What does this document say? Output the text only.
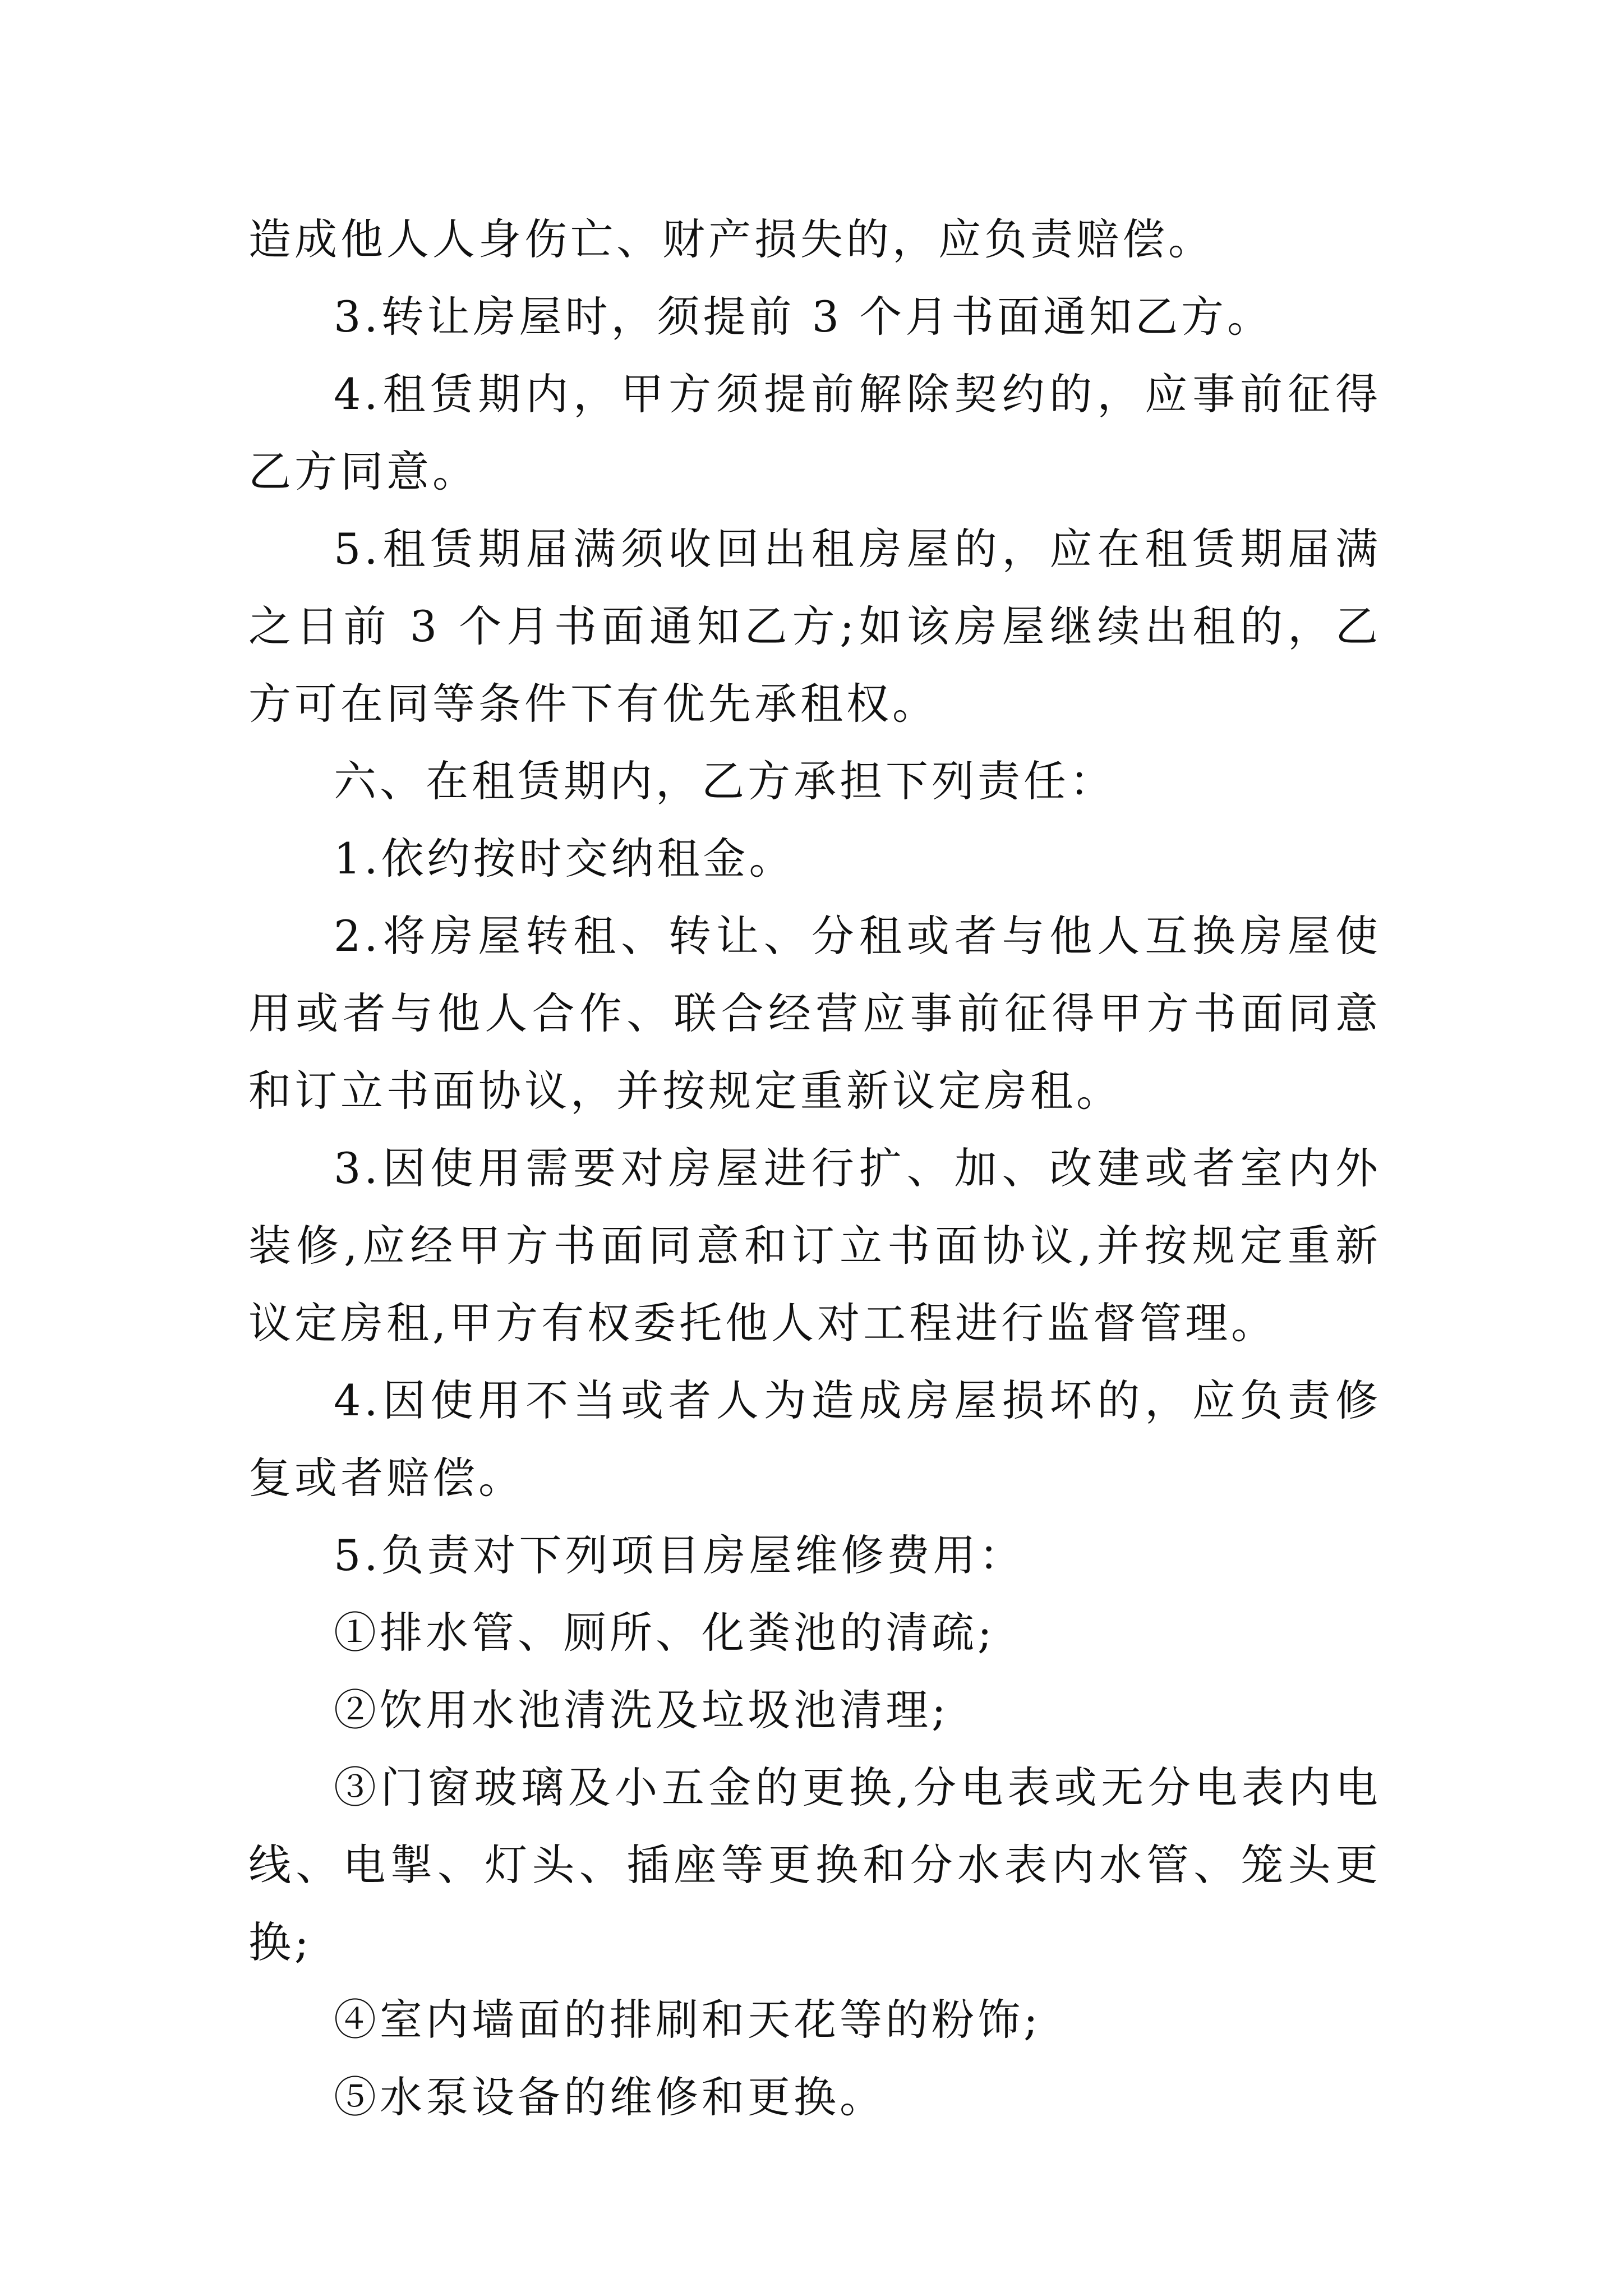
造成他人人身伤亡、财产损失的，应负责赔偿。

3.转让房屋时，须提前 3 个月书面通知乙方。

4.租赁期内，甲方须提前解除契约的，应事前征得乙方同意。

5.租赁期届满须收回出租房屋的，应在租赁期届满之日前 3 个月书面通知乙方;如该房屋继续出租的，乙方可在同等条件下有优先承租权。

六、在租赁期内，乙方承担下列责任：

1.依约按时交纳租金。

2.将房屋转租、转让、分租或者与他人互换房屋使用或者与他人合作、联合经营应事前征得甲方书面同意和订立书面协议，并按规定重新议定房租。

3.因使用需要对房屋进行扩、加、改建或者室内外装修,应经甲方书面同意和订立书面协议,并按规定重新议定房租,甲方有权委托他人对工程进行监督管理。

4.因使用不当或者人为造成房屋损坏的，应负责修复或者赔偿。

5.负责对下列项目房屋维修费用：

①排水管、厕所、化粪池的清疏;

②饮用水池清洗及垃圾池清理;

③门窗玻璃及小五金的更换,分电表或无分电表内电线、电掣、灯头、插座等更换和分水表内水管、笼头更换;

④室内墙面的排刷和天花等的粉饰;

⑤水泵设备的维修和更换。
